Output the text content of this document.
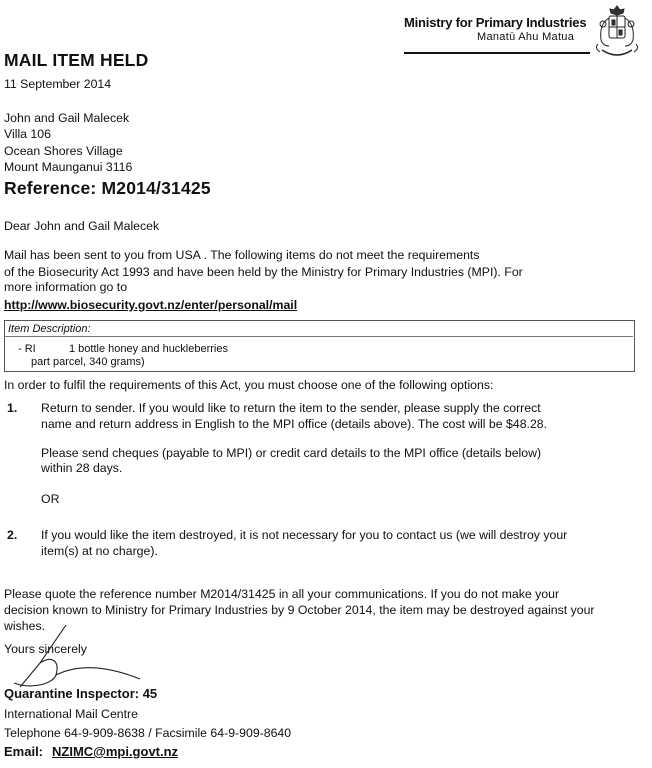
Ministry for Primary Industries
Manatū Ahu Matua
MAIL ITEM HELD
11 September 2014
John and Gail Malecek
Villa 106
Ocean Shores Village
Mount Maunganui 3116
Reference: M2014/31425
Dear John and Gail Malecek
Mail has been sent to you from USA . The following items do not meet the requirements
of the Biosecurity Act 1993 and have been held by the Ministry for Primary Industries (MPI). For
more information go to
http://www.biosecurity.govt.nz/enter/personal/mail
Item Description:
- RI	1 bottle honey and huckleberries
part parcel, 340 grams)
In order to fulfil the requirements of this Act, you must choose one of the following options:
1. Return to sender. If you would like to return the item to the sender, please supply the correct
name and return address in English to the MPI office (details above). The cost will be $48.28.
Please send cheques (payable to MPI) or credit card details to the MPI office (details below)
within 28 days.
OR
2. If you would like the item destroyed, it is not necessary for you to contact us (we will destroy your
item(s) at no charge).
Please quote the reference number M2014/31425 in all your communications. If you do not make your
decision known to Ministry for Primary Industries by 9 October 2014, the item may be destroyed against your
wishes.
Yours sincerely
Quarantine Inspector: 45
International Mail Centre
Telephone 64-9-909-8638 / Facsimile 64-9-909-8640
Email: NZIMC@mpi.govt.nz
